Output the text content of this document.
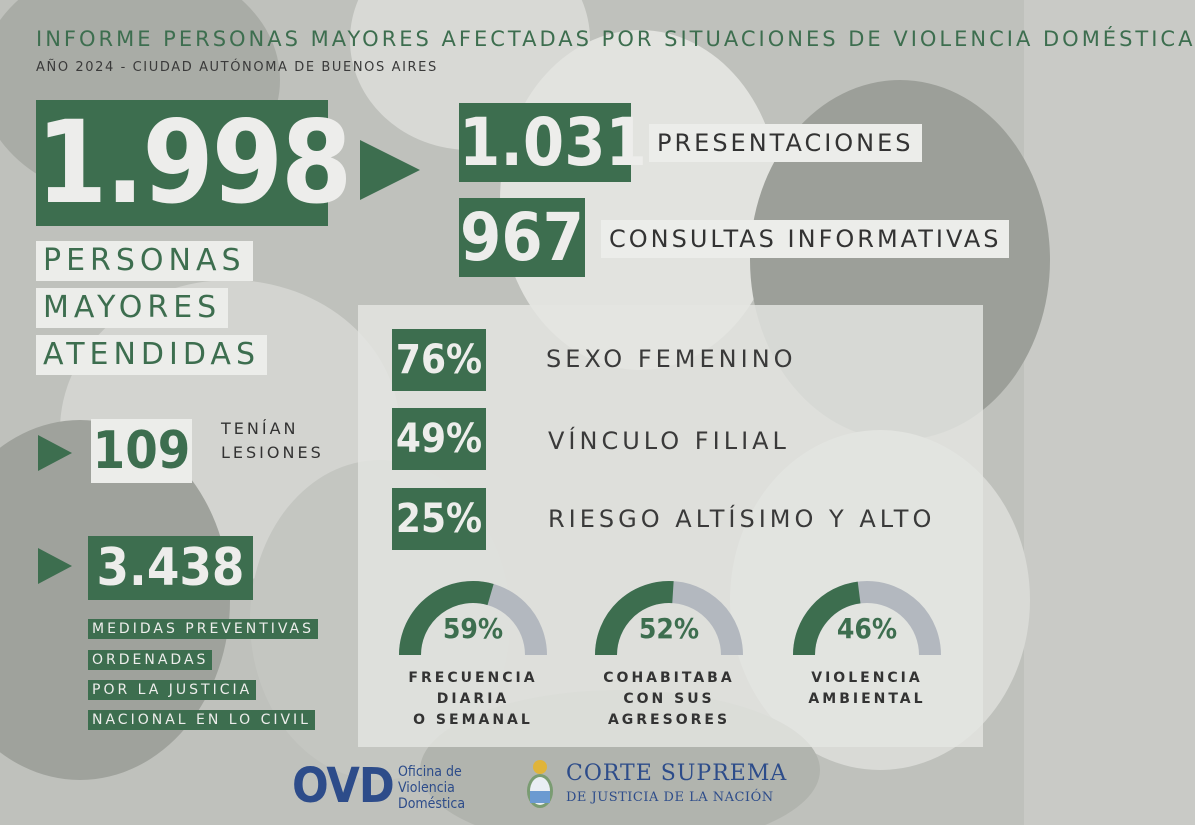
INFORME PERSONAS MAYORES AFECTADAS POR SITUACIONES DE VIOLENCIA DOMÉSTICA
AÑO 2024 - CIUDAD AUTÓNOMA DE BUENOS AIRES
1.998
PERSONAS
MAYORES
ATENDIDAS
1.031 PRESENTACIONES
967	CONSULTAS INFORMATIVAS
109 TENÍAN
LESIONES
3.438
MEDIDAS PREVENTIVAS
ORDENADAS
POR LA JUSTICIA
NACIONAL EN LO CIVIL
76%	SEXO FEMENINO
49%	VÍNCULO FILIAL
25%	RIESGO ALTÍSIMO Y ALTO
59%
FRECUENCIA
DIARIA
O SEMANAL
52%
COHABITABA
CON SUS
AGRESORES
46%
VIOLENCIA
AMBIENTAL
OVD Oficina de
Violencia
Doméstica
CORTE SUPREMA
DE JUSTICIA DE LA NACIÓN
